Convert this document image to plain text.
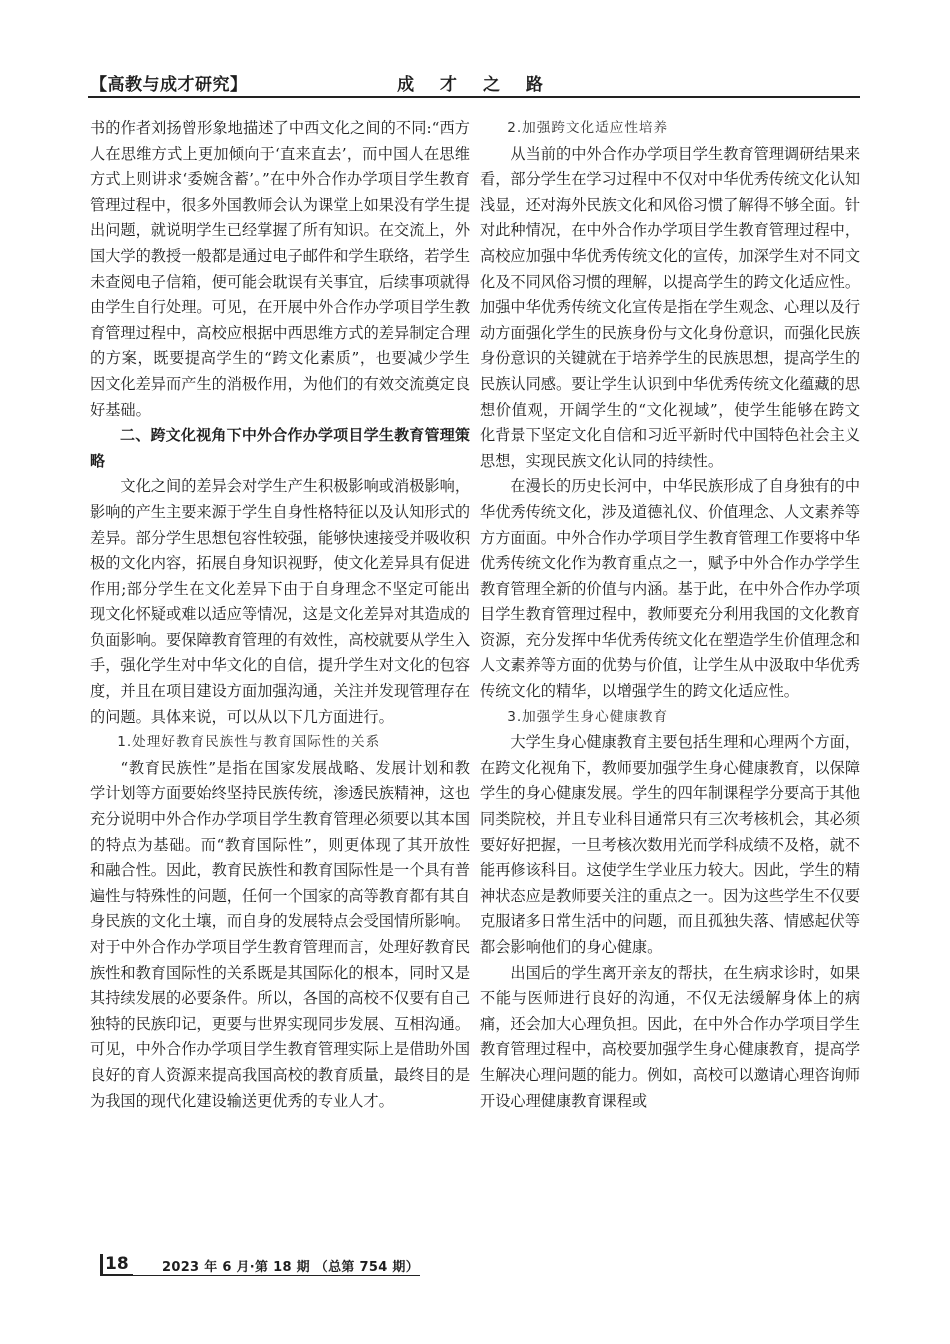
【高教与成才研究】	成 才 之 路

书的作者刘扬曾形象地描述了中西文化之间的不同:“西方人在思维方式上更加倾向于‘直来直去’，而中国人在思维方式上则讲求‘委婉含蓄’。”在中外合作办学项目学生教育管理过程中，很多外国教师会认为课堂上如果没有学生提出问题，就说明学生已经掌握了所有知识。在交流上，外国大学的教授一般都是通过电子邮件和学生联络，若学生未查阅电子信箱，便可能会耽误有关事宜，后续事项就得由学生自行处理。可见，在开展中外合作办学项目学生教育管理过程中，高校应根据中西思维方式的差异制定合理的方案，既要提高学生的“跨文化素质”，也要减少学生因文化差异而产生的消极作用，为他们的有效交流奠定良好基础。

二、跨文化视角下中外合作办学项目学生教育管理策略

文化之间的差异会对学生产生积极影响或消极影响，影响的产生主要来源于学生自身性格特征以及认知形式的差异。部分学生思想包容性较强，能够快速接受并吸收积极的文化内容，拓展自身知识视野，使文化差异具有促进作用;部分学生在文化差异下由于自身理念不坚定可能出现文化怀疑或难以适应等情况，这是文化差异对其造成的负面影响。要保障教育管理的有效性，高校就要从学生入手，强化学生对中华文化的自信，提升学生对文化的包容度，并且在项目建设方面加强沟通，关注并发现管理存在的问题。具体来说，可以从以下几方面进行。

1.处理好教育民族性与教育国际性的关系

“教育民族性”是指在国家发展战略、发展计划和教学计划等方面要始终坚持民族传统，渗透民族精神，这也充分说明中外合作办学项目学生教育管理必须要以其本国的特点为基础。而“教育国际性”，则更体现了其开放性和融合性。因此，教育民族性和教育国际性是一个具有普遍性与特殊性的问题，任何一个国家的高等教育都有其自身民族的文化土壤，而自身的发展特点会受国情所影响。对于中外合作办学项目学生教育管理而言，处理好教育民族性和教育国际性的关系既是其国际化的根本，同时又是其持续发展的必要条件。所以，各国的高校不仅要有自己独特的民族印记，更要与世界实现同步发展、互相沟通。可见，中外合作办学项目学生教育管理实际上是借助外国良好的育人资源来提高我国高校的教育质量，最终目的是为我国的现代化建设输送更优秀的专业人才。

2.加强跨文化适应性培养

从当前的中外合作办学项目学生教育管理调研结果来看，部分学生在学习过程中不仅对中华优秀传统文化认知浅显，还对海外民族文化和风俗习惯了解得不够全面。针对此种情况，在中外合作办学项目学生教育管理过程中，高校应加强中华优秀传统文化的宣传，加深学生对不同文化及不同风俗习惯的理解，以提高学生的跨文化适应性。加强中华优秀传统文化宣传是指在学生观念、心理以及行动方面强化学生的民族身份与文化身份意识，而强化民族身份意识的关键就在于培养学生的民族思想，提高学生的民族认同感。要让学生认识到中华优秀传统文化蕴藏的思想价值观，开阔学生的“文化视域”，使学生能够在跨文化背景下坚定文化自信和习近平新时代中国特色社会主义思想，实现民族文化认同的持续性。

在漫长的历史长河中，中华民族形成了自身独有的中华优秀传统文化，涉及道德礼仪、价值理念、人文素养等方方面面。中外合作办学项目学生教育管理工作要将中华优秀传统文化作为教育重点之一，赋予中外合作办学学生教育管理全新的价值与内涵。基于此，在中外合作办学项目学生教育管理过程中，教师要充分利用我国的文化教育资源，充分发挥中华优秀传统文化在塑造学生价值理念和人文素养等方面的优势与价值，让学生从中汲取中华优秀传统文化的精华，以增强学生的跨文化适应性。

3.加强学生身心健康教育

大学生身心健康教育主要包括生理和心理两个方面，在跨文化视角下，教师要加强学生身心健康教育，以保障学生的身心健康发展。学生的四年制课程学分要高于其他同类院校，并且专业科目通常只有三次考核机会，其必须要好好把握，一旦考核次数用光而学科成绩不及格，就不能再修该科目。这使学生学业压力较大。因此，学生的精神状态应是教师要关注的重点之一。因为这些学生不仅要克服诸多日常生活中的问题，而且孤独失落、情感起伏等都会影响他们的身心健康。

出国后的学生离开亲友的帮扶，在生病求诊时，如果不能与医师进行良好的沟通，不仅无法缓解身体上的病痛，还会加大心理负担。因此，在中外合作办学项目学生教育管理过程中，高校要加强学生身心健康教育，提高学生解决心理问题的能力。例如，高校可以邀请心理咨询师开设心理健康教育课程或

18	2023 年 6 月·第 18 期 （总第 754 期）
